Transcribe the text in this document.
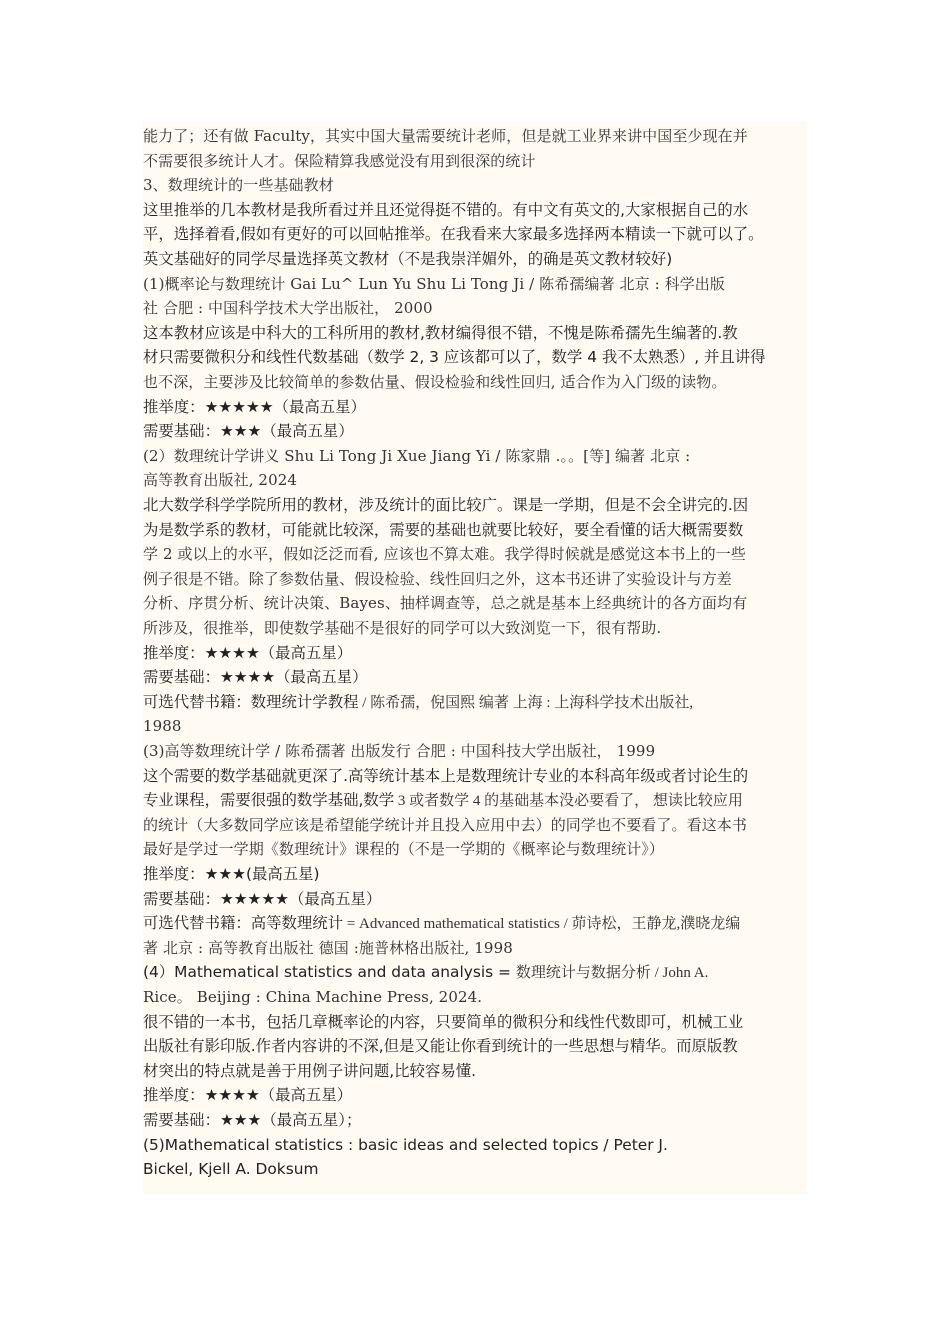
能力了；还有做 Faculty，其实中国大量需要统计老师，但是就工业界来讲中国至少现在并
不需要很多统计人才。保险精算我感觉没有用到很深的统计
3、数理统计的一些基础教材
这里推举的几本教材是我所看过并且还觉得挺不错的。有中文有英文的,大家根据自己的水
平，选择着看,假如有更好的可以回帖推举。在我看来大家最多选择两本精读一下就可以了。
英文基础好的同学尽量选择英文教材（不是我崇洋媚外，的确是英文教材较好)
(1)概率论与数理统计 Gai Lu^ Lun Yu Shu Li Tong Ji / 陈希孺编著 北京 : 科学出版
社 合肥 : 中国科学技术大学出版社， 2000
这本教材应该是中科大的工科所用的教材,教材编得很不错，不愧是陈希孺先生编著的.教
材只需要微积分和线性代数基础（数学 2, 3 应该都可以了，数学 4 我不太熟悉）, 并且讲得
也不深，主要涉及比较简单的参数估量、假设检验和线性回归, 适合作为入门级的读物。
推举度：★★★★★（最高五星）
需要基础：★★★（最高五星）
(2）数理统计学讲义 Shu Li Tong Ji Xue Jiang Yi / 陈家鼎 .。。[等] 编著 北京 :
高等教育出版社, 2024
北大数学科学学院所用的教材，涉及统计的面比较广。课是一学期，但是不会全讲完的.因
为是数学系的教材，可能就比较深，需要的基础也就要比较好，要全看懂的话大概需要数
学 2 或以上的水平，假如泛泛而看, 应该也不算太难。我学得时候就是感觉这本书上的一些
例子很是不错。除了参数估量、假设检验、线性回归之外，这本书还讲了实验设计与方差
分析、序贯分析、统计决策、Bayes、抽样调查等，总之就是基本上经典统计的各方面均有
所涉及，很推举，即使数学基础不是很好的同学可以大致浏览一下，很有帮助.
推举度：★★★★（最高五星）
需要基础：★★★★（最高五星）
可选代替书籍：数理统计学教程 / 陈希孺，倪国熙 编著 上海 : 上海科学技术出版社,
1988
(3)高等数理统计学 / 陈希孺著 出版发行 合肥 : 中国科技大学出版社， 1999
这个需要的数学基础就更深了.高等统计基本上是数理统计专业的本科高年级或者讨论生的
专业课程，需要很强的数学基础,数学 3 或者数学 4 的基础基本没必要看了， 想读比较应用
的统计（大多数同学应该是希望能学统计并且投入应用中去）的同学也不要看了。看这本书
最好是学过一学期《数理统计》课程的（不是一学期的《概率论与数理统计》）
推举度：★★★(最高五星)
需要基础：★★★★★（最高五星）
可选代替书籍：高等数理统计 = Advanced mathematical statistics / 茆诗松，王静龙,濮晓龙编
著 北京 : 高等教育出版社 德国 :施普林格出版社, 1998
(4）Mathematical statistics and data analysis = 数理统计与数据分析 / John A.
Rice。 Beijing : China Machine Press, 2024.
很不错的一本书，包括几章概率论的内容，只要简单的微积分和线性代数即可，机械工业
出版社有影印版.作者内容讲的不深,但是又能让你看到统计的一些思想与精华。而原版教
材突出的特点就是善于用例子讲问题,比较容易懂.
推举度：★★★★（最高五星）
需要基础：★★★（最高五星）；
(5)Mathematical statistics : basic ideas and selected topics / Peter J.
Bickel, Kjell A. Doksum
